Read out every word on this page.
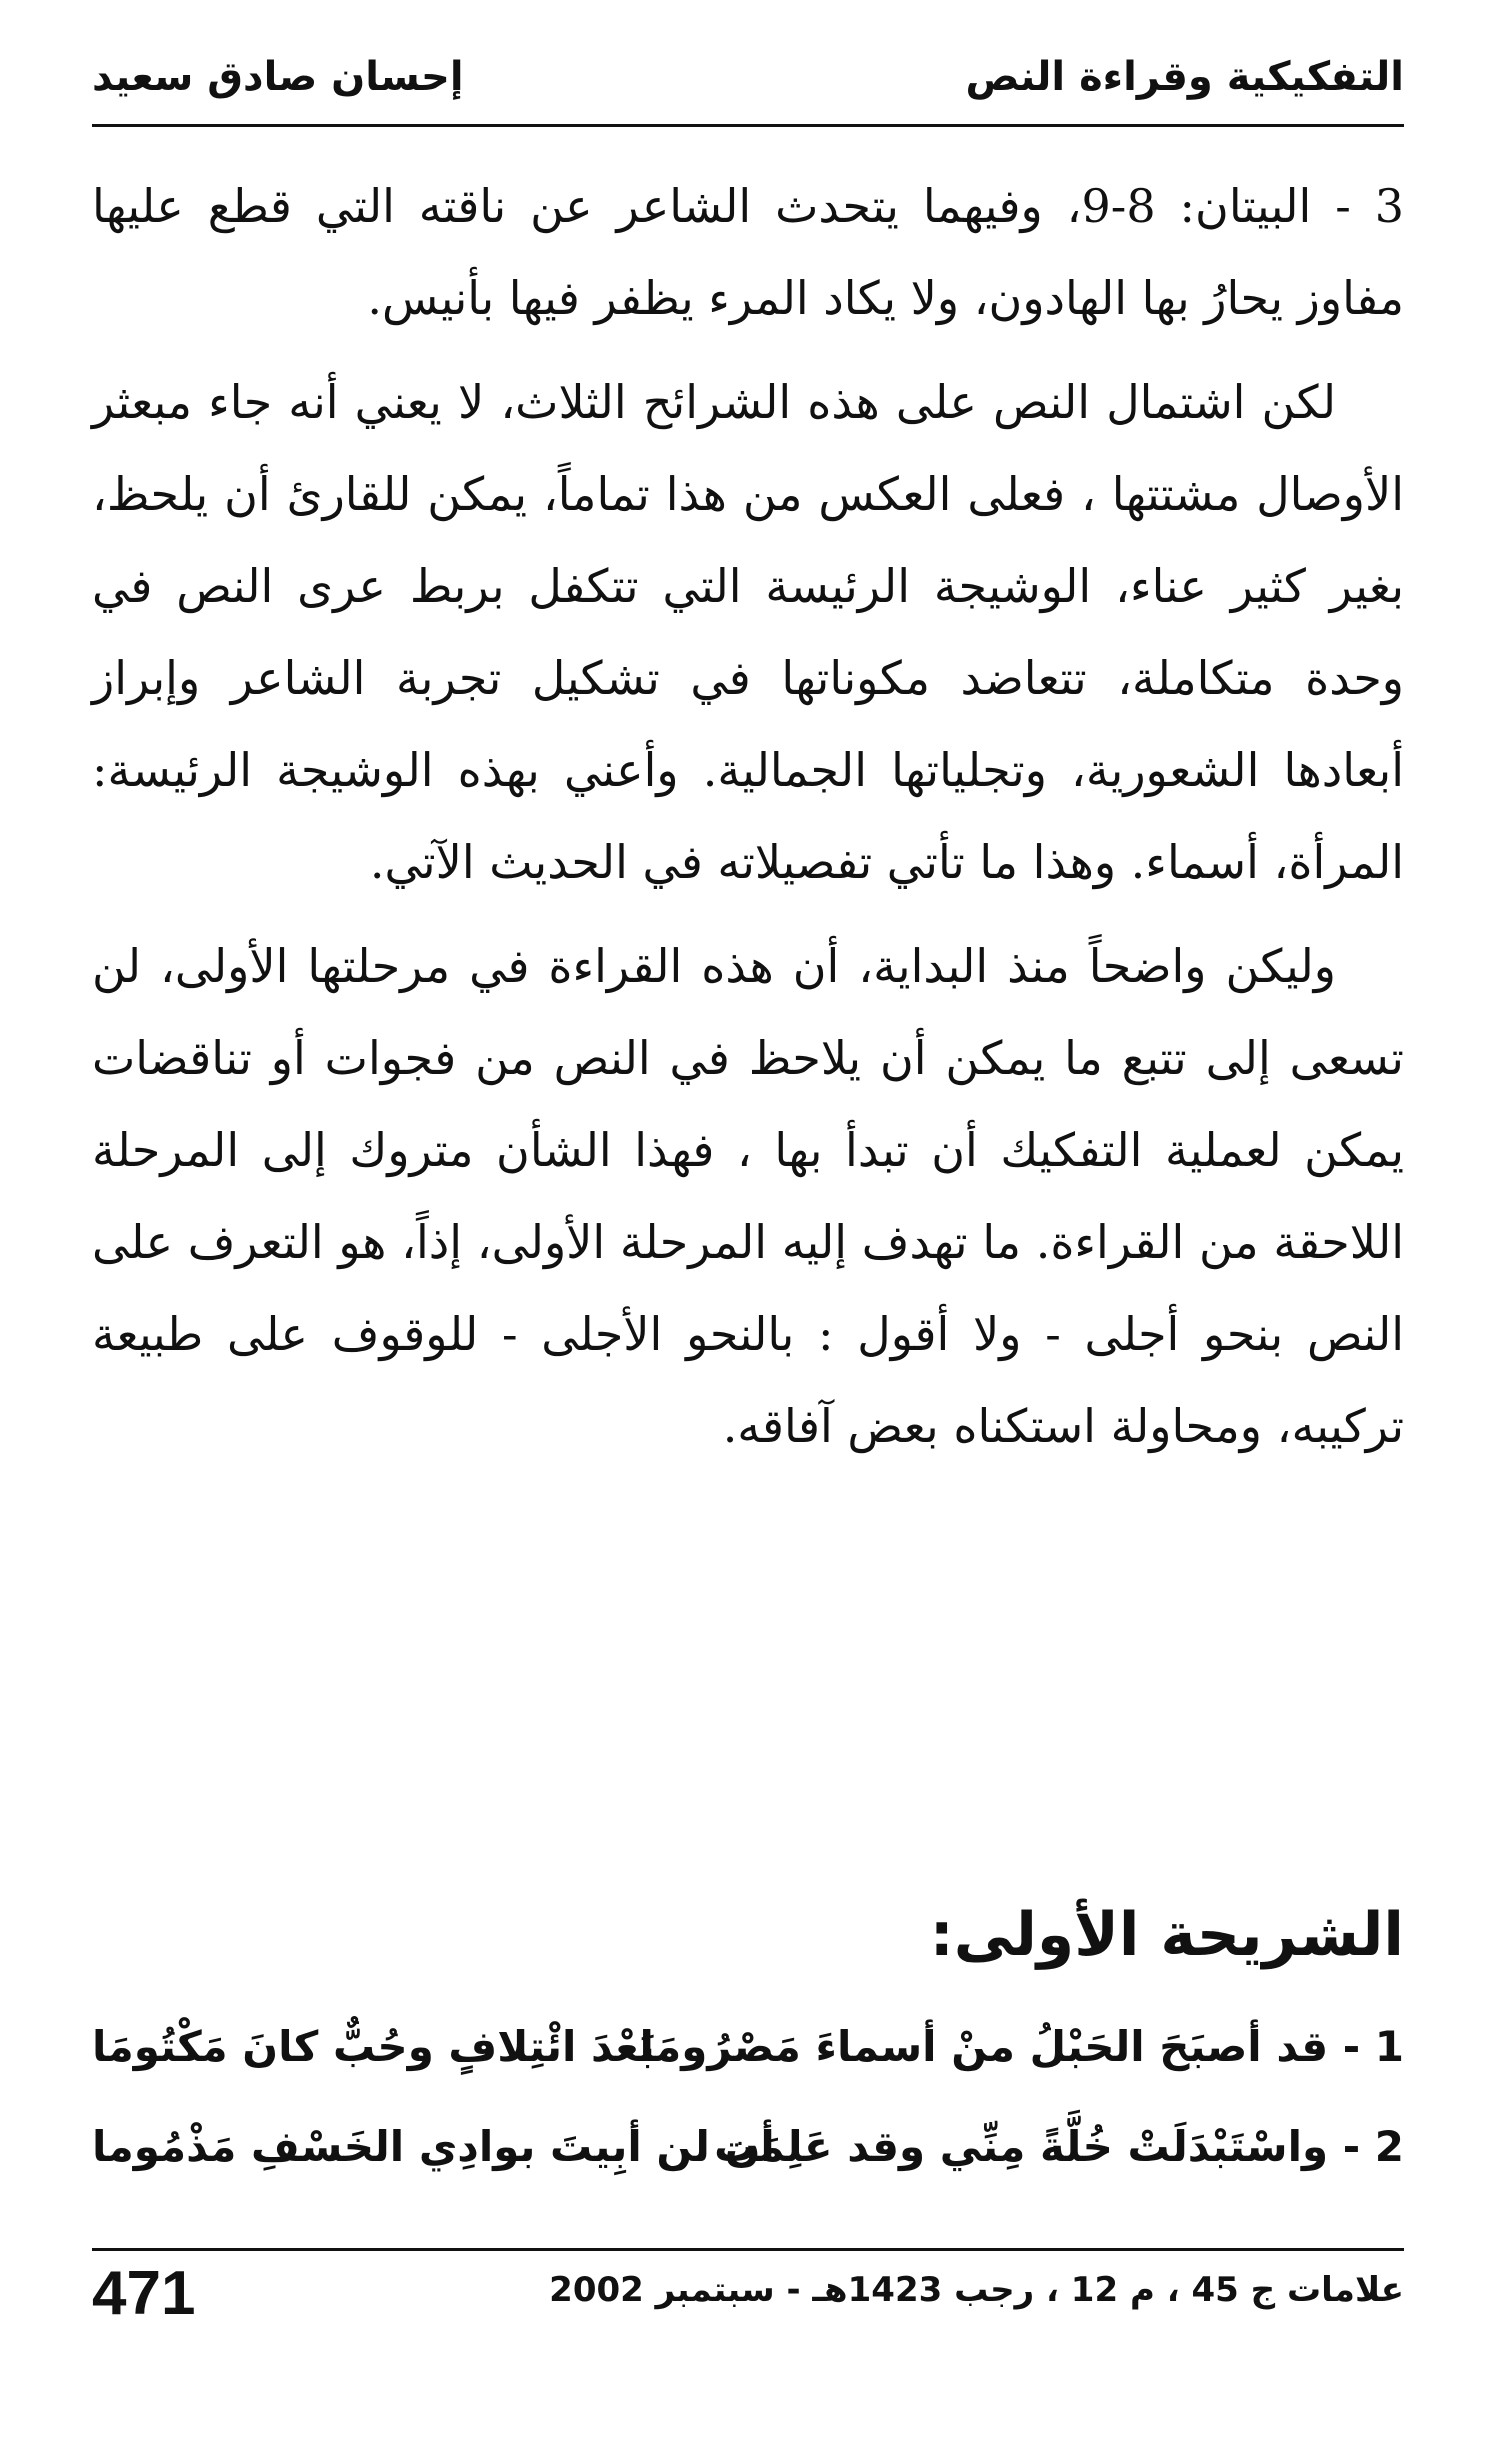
التفكيكية وقراءة النص
إحسان صادق سعيد

3 - البيتان: 8-9، وفيهما يتحدث الشاعر عن ناقته التي قطع عليها مفاوز يحارُ بها الهادون، ولا يكاد المرء يظفر فيها بأنيس.

لكن اشتمال النص على هذه الشرائح الثلاث، لا يعني أنه جاء مبعثر الأوصال مشتتها ، فعلى العكس من هذا تماماً، يمكن للقارئ أن يلحظ، بغير كثير عناء، الوشيجة الرئيسة التي تتكفل بربط عرى النص في وحدة متكاملة، تتعاضد مكوناتها في تشكيل تجربة الشاعر وإبراز أبعادها الشعورية، وتجلياتها الجمالية. وأعني بهذه الوشيجة الرئيسة: المرأة، أسماء. وهذا ما تأتي تفصيلاته في الحديث الآتي.

وليكن واضحاً منذ البداية، أن هذه القراءة في مرحلتها الأولى، لن تسعى إلى تتبع ما يمكن أن يلاحظ في النص من فجوات أو تناقضات يمكن لعملية التفكيك أن تبدأ بها ، فهذا الشأن متروك إلى المرحلة اللاحقة من القراءة. ما تهدف إليه المرحلة الأولى، إذاً، هو التعرف على النص بنحو أجلى - ولا أقول : بالنحو الأجلى - للوقوف على طبيعة تركيبه، ومحاولة استكناه بعض آفاقه.

الشريحة الأولى:
1 - قد أصبَحَ الحَبْلُ منْ أسماءَ مَصْرُومَا
بَعْدَ ائْتِلافٍ وحُبٌّ كانَ مَكْتُومَا
2 - واسْتَبْدَلَتْ خُلَّةً مِنِّي وقد عَلِمَت
أن لن أبِيتَ بوادِي الخَسْفِ مَذْمُوما
علامات ج 45 ، م 12 ، رجب 1423هـ - سبتمبر 2002
471
